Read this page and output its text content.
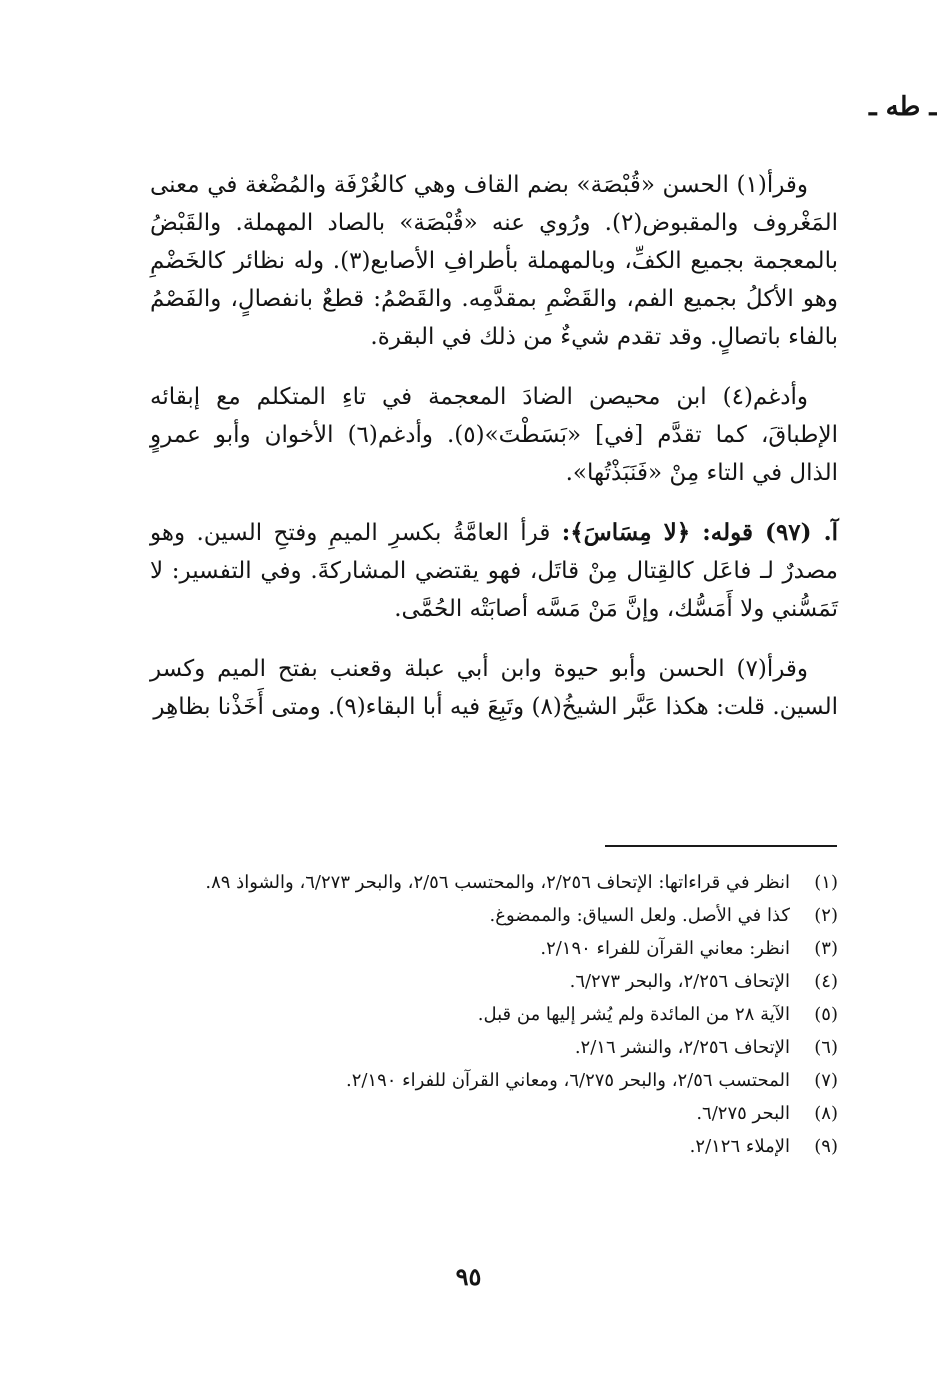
ـ طه ـ

وقرأ(١) الحسن «قُبْصَة» بضم القاف وهي كالغُرْفَة والمُضْغة في معنى المَغْروف والمقبوض(٢). ورُوي عنه «قُبْصَة» بالصاد المهملة. والقَبْضُ بالمعجمة بجميع الكفِّ، وبالمهملة بأطرافِ الأصابع(٣). وله نظائر كالخَضْمِ وهو الأكلُ بجميع الفم، والقَضْمِ بمقدَّمِه. والقَصْمُ: قطعٌ بانفصالٍ، والفَصْمُ بالفاء باتصالٍ. وقد تقدم شيءٌ من ذلك في البقرة.

وأدغم(٤) ابن محيصن الضادَ المعجمة في تاءِ المتكلم مع إبقائه الإطباقَ، كما تقدَّم [في] «بَسَطْتَ»(٥). وأدغم(٦) الأخوان وأبو عمروٍ الذال في التاء مِنْ «فَنَبَذْتُها».

آ. (٩٧) قوله: ﴿لا مِسَاسَ﴾: قرأ العامَّةُ بكسرِ الميمِ وفتحِ السين. وهو مصدرٌ لـ فاعَل كالقِتال مِنْ قاتَل، فهو يقتضي المشاركةَ. وفي التفسير: لا تَمَسُّني ولا أَمَسُّك، وإنَّ مَنْ مَسَّه أصابَتْه الحُمَّى.

وقرأ(٧) الحسن وأبو حيوة وابن أبي عبلة وقعنب بفتح الميم وكسر السين. قلت: هكذا عَبَّر الشيخُ(٨) وتَبِعَ فيه أبا البقاء(٩). ومتى أَخَذْنا بظاهِر

(١)
انظر في قراءاتها: الإتحاف ٢/٢٥٦، والمحتسب ٢/٥٦، والبحر ٦/٢٧٣، والشواذ ٨٩.
(٢)
كذا في الأصل. ولعل السياق: والممضوغ.
(٣)
انظر: معاني القرآن للفراء ٢/١٩٠.
(٤)
الإتحاف ٢/٢٥٦، والبحر ٦/٢٧٣.
(٥)
الآية ٢٨ من المائدة ولم يُشر إليها من قبل.
(٦)
الإتحاف ٢/٢٥٦، والنشر ٢/١٦.
(٧)
المحتسب ٢/٥٦، والبحر ٦/٢٧٥، ومعاني القرآن للفراء ٢/١٩٠.
(٨)
البحر ٦/٢٧٥.
(٩)
الإملاء ٢/١٢٦.
٩٥
